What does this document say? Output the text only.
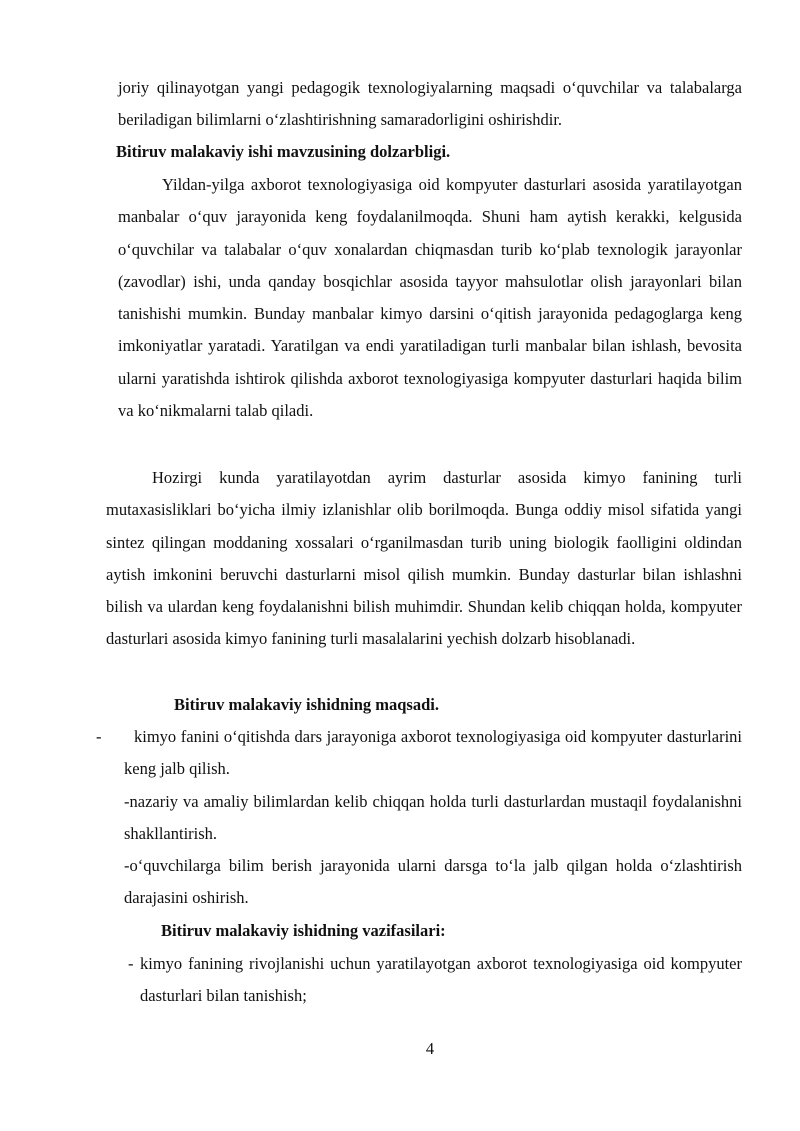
joriy qilinayotgan yangi pedagogik texnologiyalarning maqsadi o‘quvchilar va talabalarga beriladigan bilimlarni o‘zlashtirishning samaradorligini oshirishdir.

Bitiruv malakaviy ishi mavzusining dolzarbligi.

Yildan-yilga axborot texnologiyasiga oid kompyuter dasturlari asosida yaratilayotgan manbalar o‘quv jarayonida keng foydalanilmoqda. Shuni ham aytish kerakki, kelgusida o‘quvchilar va talabalar o‘quv xonalardan chiqmasdan turib ko‘plab texnologik jarayonlar (zavodlar) ishi, unda qanday bosqichlar asosida tayyor mahsulotlar olish jarayonlari bilan tanishishi mumkin. Bunday manbalar kimyo darsini o‘qitish jarayonida pedagoglarga keng imkoniyatlar yaratadi. Yaratilgan va endi yaratiladigan turli manbalar bilan ishlash, bevosita ularni yaratishda ishtirok qilishda axborot texnologiyasiga kompyuter dasturlari haqida bilim va ko‘nikmalarni talab qiladi.

Hozirgi kunda yaratilayotdan ayrim dasturlar asosida kimyo fanining turli mutaxasisliklari bo‘yicha ilmiy izlanishlar olib borilmoqda. Bunga oddiy misol sifatida yangi sintez qilingan moddaning xossalari o‘rganilmasdan turib uning biologik faolligini oldindan aytish imkonini beruvchi dasturlarni misol qilish mumkin. Bunday dasturlar bilan ishlashni bilish va ulardan keng foydalanishni bilish muhimdir. Shundan kelib chiqqan holda, kompyuter dasturlari asosida kimyo fanining turli masalalarini yechish dolzarb hisoblanadi.

Bitiruv malakaviy ishidning maqsadi.
-	kimyo fanini o‘qitishda dars jarayoniga axborot texnologiyasiga oid kompyuter dasturlarini keng jalb qilish.

-nazariy va amaliy bilimlardan kelib chiqqan holda turli dasturlardan mustaqil foydalanishni shakllantirish.

-o‘quvchilarga bilim berish jarayonida ularni darsga to‘la jalb qilgan holda o‘zlashtirish darajasini oshirish.

Bitiruv malakaviy ishidning vazifasilari:
- kimyo fanining rivojlanishi uchun yaratilayotgan axborot texnologiyasiga oid kompyuter dasturlari bilan tanishish;

4
